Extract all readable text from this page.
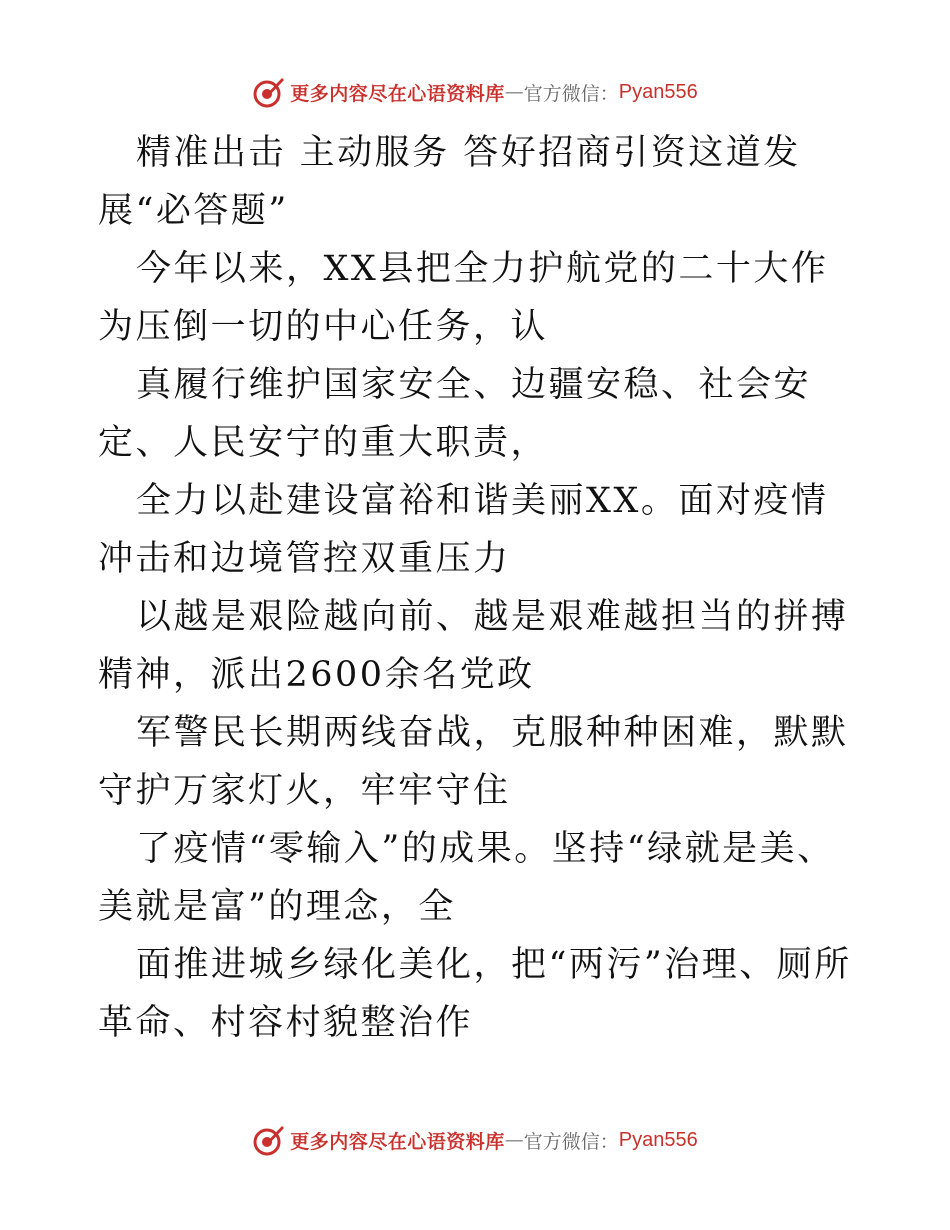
更多内容尽在心语资料库 — 官方微信： Pyan556

精准出击 主动服务 答好招商引资这道发展“必答题”

今年以来，XX县把全力护航党的二十大作为压倒一切的中心任务，认

真履行维护国家安全、边疆安稳、社会安定、人民安宁的重大职责，

全力以赴建设富裕和谐美丽XX。面对疫情冲击和边境管控双重压力

以越是艰险越向前、越是艰难越担当的拼搏精神，派出2600余名党政

军警民长期两线奋战，克服种种困难，默默守护万家灯火，牢牢守住

了疫情“零输入”的成果。坚持“绿就是美、美就是富”的理念，全

面推进城乡绿化美化，把“两污”治理、厕所革命、村容村貌整治作

更多内容尽在心语资料库 — 官方微信： Pyan556
